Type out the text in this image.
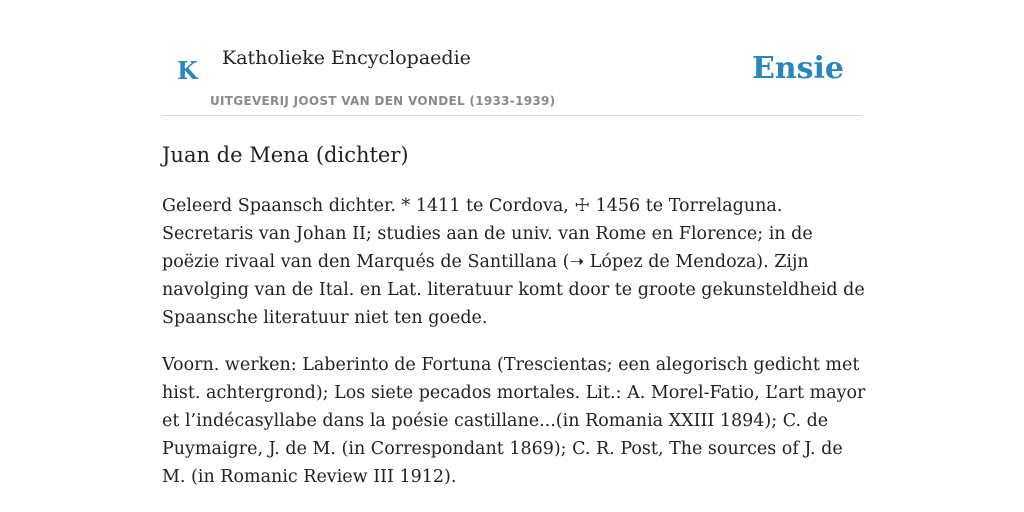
K Katholieke Encyclopaedie
UITGEVERIJ JOOST VAN DEN VONDEL (1933-1939)
Ensie
Juan de Mena (dichter)

Geleerd Spaansch dichter. * 1411 te Cordova, ☩ 1456 te Torrelaguna. Secretaris van Johan II; studies aan de univ. van Rome en Florence; in de poëzie rivaal van den Marqués de Santillana (➝ López de Mendoza). Zijn navolging van de Ital. en Lat. literatuur komt door te groote gekunsteldheid de Spaansche literatuur niet ten goede.

Voorn. werken: Laberinto de Fortuna (Trescientas; een alegorisch gedicht met hist. achtergrond); Los siete pecados mortales. Lit.: A. Morel-Fatio, L’art mayor et l’indécasyllabe dans la poésie castillane...(in Romania XXIII 1894); C. de Puymaigre, J. de M. (in Correspondant 1869); C. R. Post, The sources of J. de M. (in Romanic Review III 1912).
